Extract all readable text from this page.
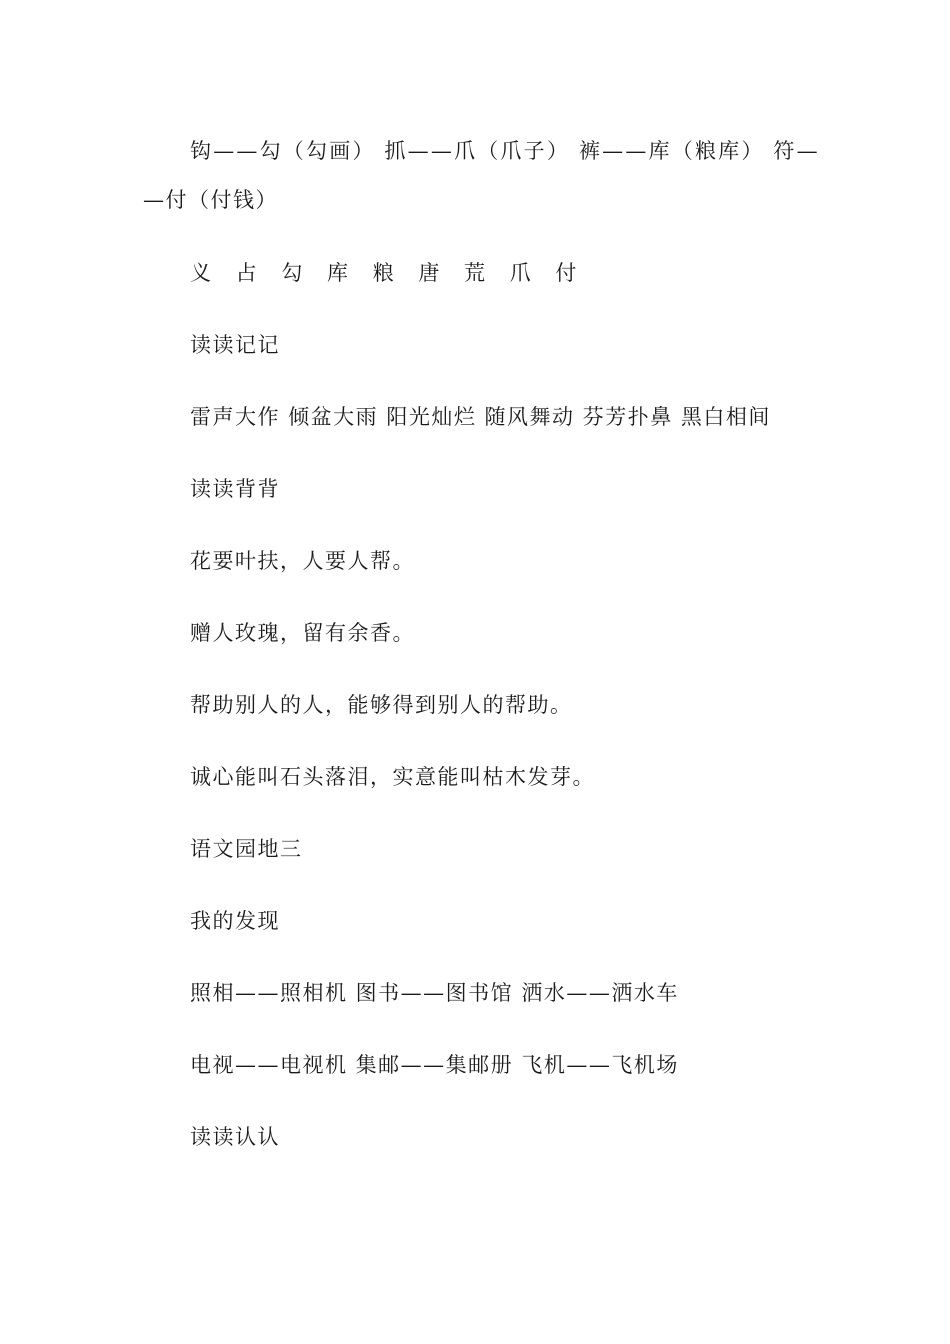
钩——勾（勾画） 抓——爪（爪子） 裤——库（粮库） 符—

—付（付钱）

义 占 勾 库 粮 唐 荒 爪 付

读读记记

雷声大作 倾盆大雨 阳光灿烂 随风舞动 芬芳扑鼻 黑白相间

读读背背

花要叶扶，人要人帮。

赠人玫瑰，留有余香。

帮助别人的人，能够得到别人的帮助。

诚心能叫石头落泪，实意能叫枯木发芽。

语文园地三

我的发现

照相——照相机 图书——图书馆 洒水——洒水车

电视——电视机 集邮——集邮册 飞机——飞机场

读读认认
